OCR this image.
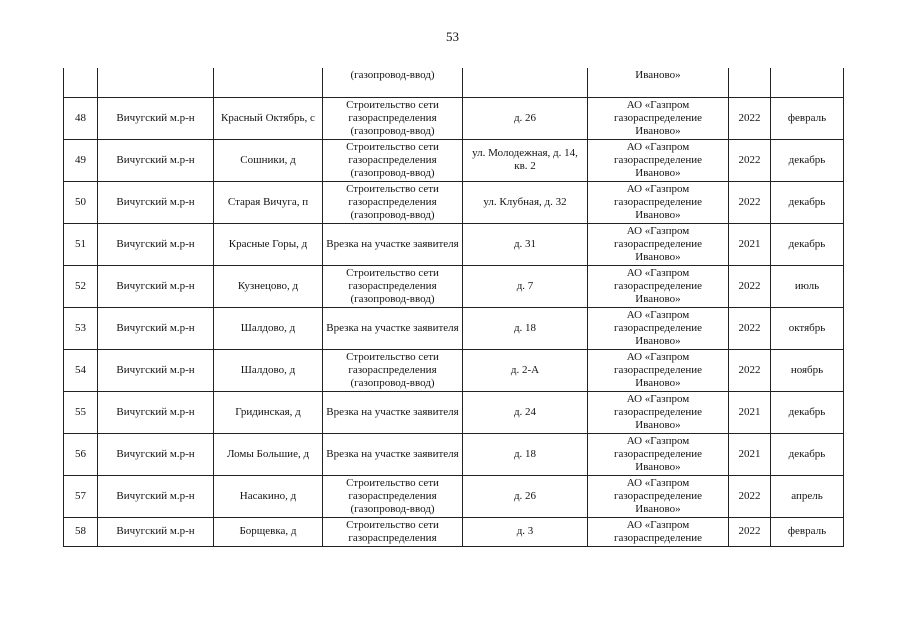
53
			(газопровод-ввод)		Иваново»		
48	Вичугский м.р-н	Красный Октябрь, с	Строительство сети газораспределения (газопровод-ввод)	д. 26	АО «Газпром газораспределение Иваново»	2022	февраль
49	Вичугский м.р-н	Сошники, д	Строительство сети газораспределения (газопровод-ввод)	ул. Молодежная, д. 14, кв. 2	АО «Газпром газораспределение Иваново»	2022	декабрь
50	Вичугский м.р-н	Старая Вичуга, п	Строительство сети газораспределения (газопровод-ввод)	ул. Клубная, д. 32	АО «Газпром газораспределение Иваново»	2022	декабрь
51	Вичугский м.р-н	Красные Горы, д	Врезка на участке заявителя	д. 31	АО «Газпром газораспределение Иваново»	2021	декабрь
52	Вичугский м.р-н	Кузнецово, д	Строительство сети газораспределения (газопровод-ввод)	д. 7	АО «Газпром газораспределение Иваново»	2022	июль
53	Вичугский м.р-н	Шалдово, д	Врезка на участке заявителя	д. 18	АО «Газпром газораспределение Иваново»	2022	октябрь
54	Вичугский м.р-н	Шалдово, д	Строительство сети газораспределения (газопровод-ввод)	д. 2-А	АО «Газпром газораспределение Иваново»	2022	ноябрь
55	Вичугский м.р-н	Гридинская, д	Врезка на участке заявителя	д. 24	АО «Газпром газораспределение Иваново»	2021	декабрь
56	Вичугский м.р-н	Ломы Большие, д	Врезка на участке заявителя	д. 18	АО «Газпром газораспределение Иваново»	2021	декабрь
57	Вичугский м.р-н	Насакино, д	Строительство сети газораспределения (газопровод-ввод)	д. 26	АО «Газпром газораспределение Иваново»	2022	апрель
58	Вичугский м.р-н	Борщевка, д	Строительство сети газораспределения	д. 3	АО «Газпром газораспределение	2022	февраль
